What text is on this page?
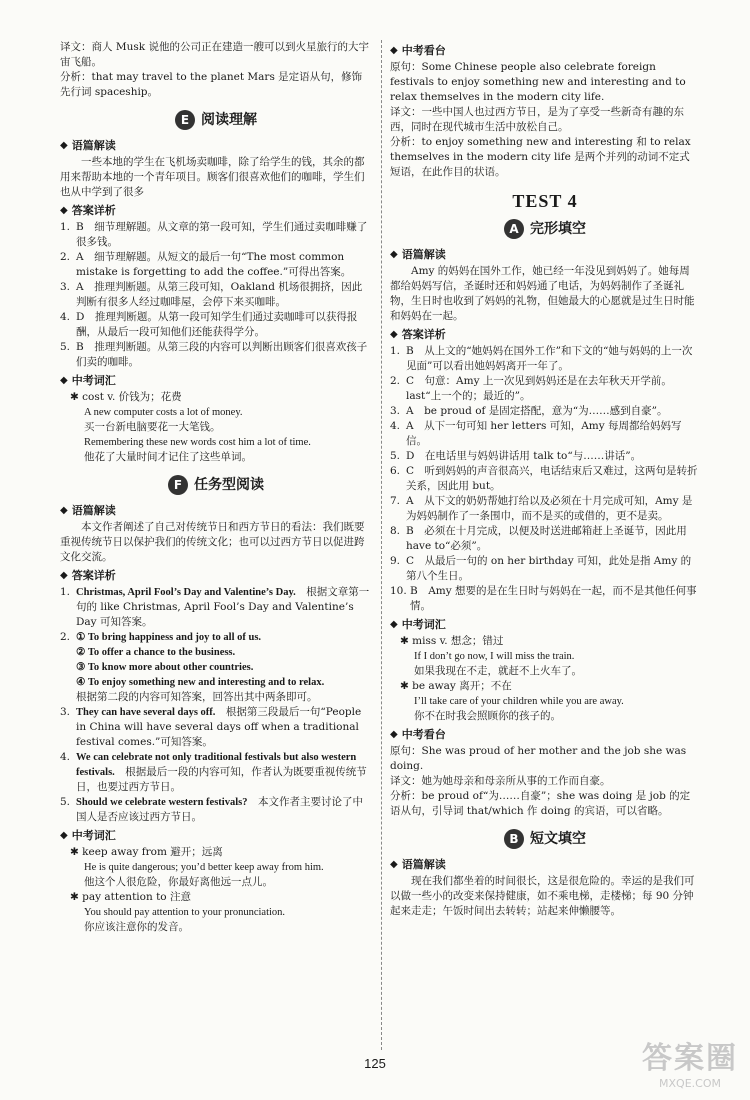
译文：商人 Musk 说他的公司正在建造一艘可以到火星旅行的大宇宙飞船。

分析：that may travel to the planet Mars 是定语从句，修饰先行词 spaceship。

E 阅读理解
◆ 语篇解读

一些本地的学生在飞机场卖咖啡，除了给学生的钱，其余的都用来帮助本地的一个青年项目。顾客们很喜欢他们的咖啡，学生们也从中学到了很多

◆ 答案详析
1. B　细节理解题。从文章的第一段可知，学生们通过卖咖啡赚了很多钱。
2. A　细节理解题。从短文的最后一句“The most common mistake is forgetting to add the coffee.”可得出答案。
3. A　推理判断题。从第三段可知，Oakland 机场很拥挤，因此判断有很多人经过咖啡屋，会停下来买咖啡。
4. D　推理判断题。从第一段可知学生们通过卖咖啡可以获得报酬，从最后一段可知他们还能获得学分。
5. B　推理判断题。从第三段的内容可以判断出顾客们很喜欢孩子们卖的咖啡。
◆ 中考词汇

✱ cost v. 价钱为；花费

A new computer costs a lot of money.

买一台新电脑要花一大笔钱。

Remembering these new words cost him a lot of time.

他花了大量时间才记住了这些单词。

F 任务型阅读
◆ 语篇解读

本文作者阐述了自己对传统节日和西方节日的看法：我们既要重视传统节日以保护我们的传统文化；也可以过西方节日以促进跨文化交流。

◆ 答案详析
1. Christmas, April Fool’s Day and Valentine’s Day.　根据文章第一句的 like Christmas, April Fool’s Day and Valentine’s Day 可知答案。
2. ① To bring happiness and joy to all of us.
② To offer a chance to the business.
③ To know more about other countries.
④ To enjoy something new and interesting and to relax.
根据第二段的内容可知答案，回答出其中两条即可。
3. They can have several days off.　根据第三段最后一句“People in China will have several days off when a traditional festival comes.”可知答案。
4. We can celebrate not only traditional festivals but also western festivals.　根据最后一段的内容可知，作者认为既要重视传统节日，也要过西方节日。
5. Should we celebrate western festivals?　本文作者主要讨论了中国人是否应该过西方节日。
◆ 中考词汇

✱ keep away from 避开；远离

He is quite dangerous; you’d better keep away from him.

他这个人很危险，你最好离他远一点儿。

✱ pay attention to 注意

You should pay attention to your pronunciation.

你应该注意你的发音。

◆ 中考看台

原句：Some Chinese people also celebrate foreign festivals to enjoy something new and interesting and to relax themselves in the modern city life.

译文：一些中国人也过西方节日，是为了享受一些新奇有趣的东西，同时在现代城市生活中放松自己。

分析：to enjoy something new and interesting 和 to relax themselves in the modern city life 是两个并列的动词不定式短语，在此作目的状语。

TEST 4
A 完形填空
◆ 语篇解读

Amy 的妈妈在国外工作，她已经一年没见到妈妈了。她每周都给妈妈写信，圣诞时还和妈妈通了电话，为妈妈制作了圣诞礼物，生日时也收到了妈妈的礼物，但她最大的心愿就是过生日时能和妈妈在一起。

◆ 答案详析
1. B　从上文的“她妈妈在国外工作”和下文的“她与妈妈的上一次见面”可以看出她妈妈离开一年了。
2. C　句意：Amy 上一次见到妈妈还是在去年秋天开学前。last“上一个的；最近的”。
3. A　be proud of 是固定搭配，意为“为……感到自豪”。
4. A　从下一句可知 her letters 可知，Amy 每周都给妈妈写信。
5. D　在电话里与妈妈讲话用 talk to“与……讲话”。
6. C　听到妈妈的声音很高兴，电话结束后又难过，这两句是转折关系，因此用 but。
7. A　从下文的奶奶帮她打给以及必须在十月完成可知，Amy 是为妈妈制作了一条围巾，而不是买的或借的，更不是卖。
8. B　必须在十月完成，以便及时送进邮箱赶上圣诞节，因此用 have to“必须”。
9. C　从最后一句的 on her birthday 可知，此处是指 Amy 的第八个生日。
10. B　Amy 想要的是在生日时与妈妈在一起，而不是其他任何事情。
◆ 中考词汇

✱ miss v. 想念；错过

If I don’t go now, I will miss the train.

如果我现在不走，就赶不上火车了。

✱ be away 离开；不在

I’ll take care of your children while you are away.

你不在时我会照顾你的孩子的。

◆ 中考看台

原句：She was proud of her mother and the job she was doing.

译文：她为她母亲和母亲所从事的工作而自豪。

分析：be proud of“为……自豪”；she was doing 是 job 的定语从句，引导词 that/which 作 doing 的宾语，可以省略。

B 短文填空
◆ 语篇解读

现在我们都坐着的时间很长，这是很危险的。幸运的是我们可以做一些小的改变来保持健康，如不乘电梯，走楼梯；每 90 分钟起来走走；午饭时间出去转转；站起来伸懒腰等。

125	答案圈
MXQE.COM
